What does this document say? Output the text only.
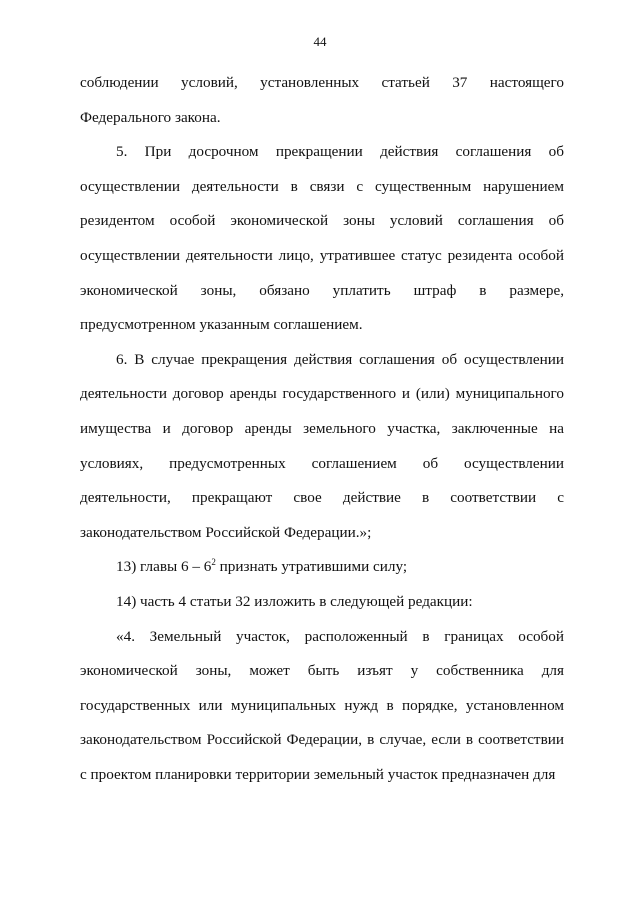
44

соблюдении условий, установленных статьей 37 настоящего Федерального закона.

5. При досрочном прекращении действия соглашения об осуществлении деятельности в связи с существенным нарушением резидентом особой экономической зоны условий соглашения об осуществлении деятельности лицо, утратившее статус резидента особой экономической зоны, обязано уплатить штраф в размере, предусмотренном указанным соглашением.

6. В случае прекращения действия соглашения об осуществлении деятельности договор аренды государственного и (или) муниципального имущества и договор аренды земельного участка, заключенные на условиях, предусмотренных соглашением об осуществлении деятельности, прекращают свое действие в соответствии с законодательством Российской Федерации.»;

13) главы $6 - 6^2$ признать утратившими силу;

14) часть 4 статьи 32 изложить в следующей редакции:

«4. Земельный участок, расположенный в границах особой экономической зоны, может быть изъят у собственника для государственных или муниципальных нужд в порядке, установленном законодательством Российской Федерации, в случае, если в соответствии с проектом планировки территории земельный участок предназначен для
